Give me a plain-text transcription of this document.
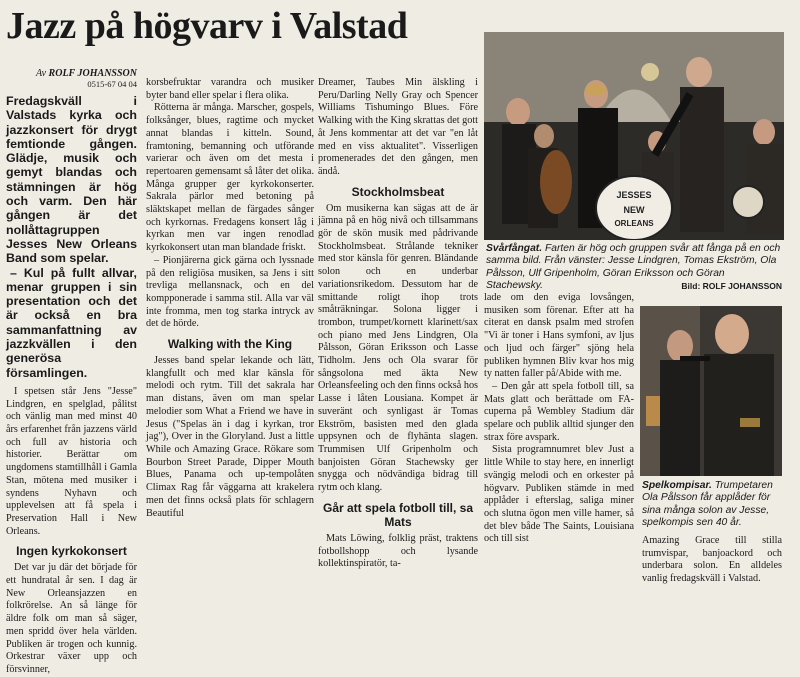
Jazz på högvarv i Valstad
Av ROLF JOHANSSON
0515-67 04 04

Fredagskväll i Valstads kyrka och jazzkonsert för drygt femtionde gången. Glädje, musik och gemyt blandas och stämningen är hög och varm. Den här gången är det nollåttagruppen Jesses New Orleans Band som spelar.

– Kul på fullt allvar, menar gruppen i sin presentation och det är också en bra sammanfattning av jazzkvällen i den generösa församlingen.

I spetsen står Jens "Jesse" Lindgren, en spelglad, pålitst och vänlig man med minst 40 års erfarenhet från jazzens värld och full av historia och historier. Berättar om ungdomens stamtillhåll i Gamla Stan, mötena med musiker i syndens Nyhavn och upplevelsen att få spela i Preservation Hall i New Orleans.

Ingen kyrkokonsert

Det var ju där det började för ett hundratal år sen. I dag är New Orleansjazzen en folkrörelse. An så länge för äldre folk om man så säger, men spridd över hela världen. Publiken är trogen och kunnig. Orkestrar växer upp och försvinner,

korsbefruktar varandra och musiker byter band eller spelar i flera olika.

Rötterna är många. Marscher, gospels, folksånger, blues, ragtime och mycket annat blandas i kitteln. Sound, framtoning, bemanning och utförande varierar och även om det mesta i repertoaren gemensamt så låter det olika. Många grupper ger kyrkokonserter. Sakrala pärlor med betoning på släktskapet mellan de färgades sånger och kyrkornas. Fredagens konsert låg i kyrkan men var ingen renodlad kyrkokonsert utan man blandade friskt.

– Pionjärerna gick gärna och lyssnade på den religiösa musiken, sa Jens i sitt trevliga mellansnack, och en del kompponerade i samma stil. Alla var väl inte fromma, men tog starka intryck av det de hörde.

Walking with the King

Jesses band spelar lekande och lätt, klangfullt och med klar känsla för melodi och rytm. Till det sakrala har man distans, även om man spelar melodier som What a Friend we have in Jesus ("Spelas än i dag i kyrkan, tror jag"), Over in the Gloryland. Just a little While och Amazing Grace. Rökare som Bourbon Street Parade, Dipper Mouth Blues, Panama och up-tempolåten Climax Rag får väggarna att krakelera men det finns också plats för schlagern Beautiful

Dreamer, Taubes Min älskling i Peru/Darling Nelly Gray och Spencer Williams Tishumingo Blues. Före Walking with the King skrattas det gott åt Jens kommentar att det var "en låt med en viss aktualitet". Visserligen promenerades det den gången, men ändå.

Stockholmsbeat

Om musikerna kan sägas att de är jämna på en hög nivå och tillsammans gör de skön musik med pådrivande Stockholmsbeat. Strålande tekniker med stor känsla för genren. Bländande solon och en underbar variationsrikedom. Dessutom har de smittande roligt ihop trots småträkningar. Solona ligger i trombon, trumpet/kornett klarinett/sax och piano med Jens Lindgren, Ola Pålsson, Göran Eriksson och Lasse Tidholm. Jens och Ola svarar för sångsolona med äkta New Orleansfeeling och den finns också hos Lasse i låten Lousiana. Kompet är suveränt och synligast är Tomas Ekström, basisten med den glada uppsynen och de flyhänta slagen. Trummisen Ulf Gripenholm och banjoisten Göran Stachewsky ger snygga och nödvändiga bidrag till rytm och klang.

Går att spela fotboll till, sa Mats

Mats Löwing, folklig präst, traktens fotbollshopp och lysande kollektinspiratör, ta-

JESSES
NEW
ORLEANS
Svårfångat. Farten är hög och gruppen svår att fånga på en och samma bild. Från vänster: Jesse Lindgren, Tomas Ekström, Ola Pålsson, Ulf Gripenholm, Göran Eriksson och Göran Stachewsky.	Bild: ROLF JOHANSSON

lade om den eviga lovsången, musiken som förenar. Efter att ha citerat en dansk psalm med strofen "Vi är toner i Hans symfoni, av ljus och ljud och färger" sjöng hela publiken hymnen Bliv kvar hos mig ty natten faller på/Abide with me.

– Den går att spela fotboll till, sa Mats glatt och berättade om FA-cuperna på Wembley Stadium där spelare och publik alltid sjunger den strax före avspark.

Sista programnumret blev Just a little While to stay here, en innerligt svängig melodi och en orkester på högvarv. Publiken stämde in med applåder i efterslag, saliga miner och slutna ögon men ville hamer, så det blev både The Saints, Louisiana och till sist

Spelkompisar. Trumpetaren Ola Pålsson får applåder för sina många solon av Jesse, spelkompis sen 40 år.

Amazing Grace till stilla trumvispar, banjoackord och underbara solon. En alldeles vanlig fredagskväll i Valstad.
